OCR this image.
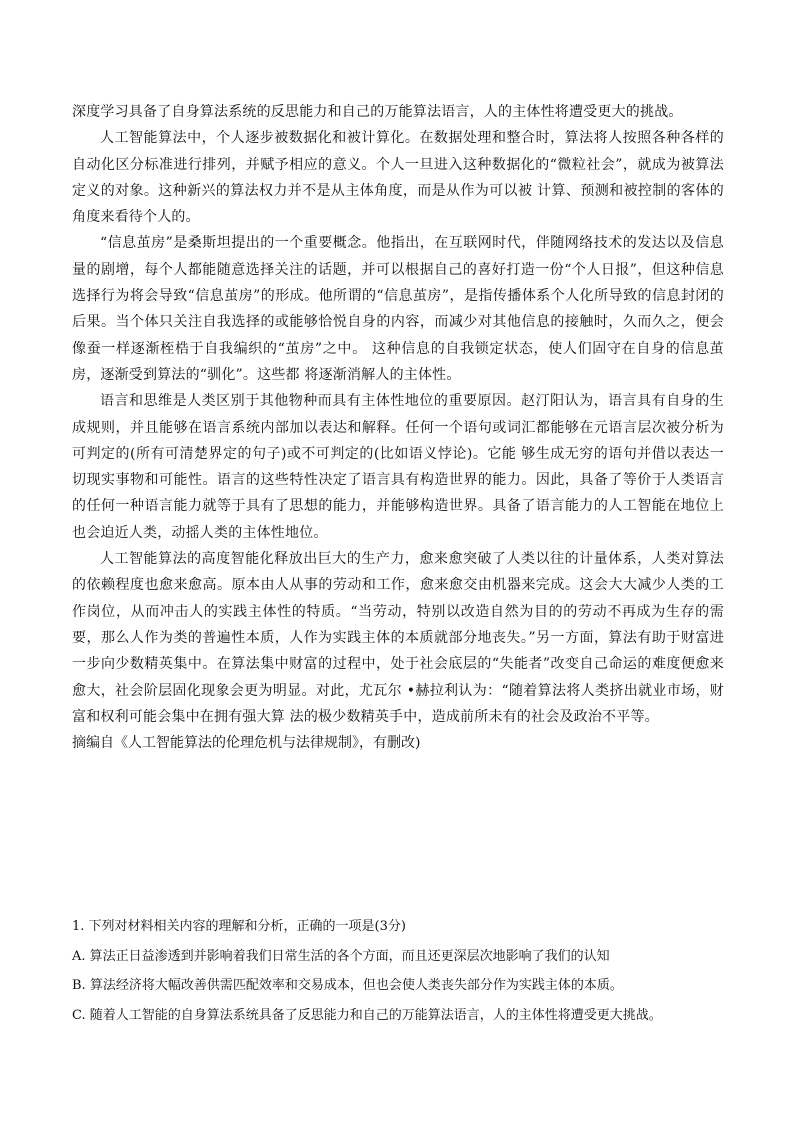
深度学习具备了自身算法系统的反思能力和自己的万能算法语言，人的主体性将遭受更大的挑战。

人工智能算法中，个人逐步被数据化和被计算化。在数据处理和整合时，算法将人按照各种各样的自动化区分标准进行排列，并赋予相应的意义。个人一旦进入这种数据化的“微粒社会”，就成为被算法定义的对象。这种新兴的算法权力并不是从主体角度，而是从作为可以被 计算、预测和被控制的客体的角度来看待个人的。

“信息茧房”是桑斯坦提出的一个重要概念。他指出，在互联网时代，伴随网络技术的发达以及信息量的剧增，每个人都能随意选择关注的话题，并可以根据自己的喜好打造一份“个人日报”，但这种信息选择行为将会导致“信息茧房”的形成。他所谓的“信息茧房”，是指传播体系个人化所导致的信息封闭的后果。当个体只关注自我选择的或能够恰悦自身的内容，而减少对其他信息的接触时，久而久之，便会像蚕一样逐渐桎梏于自我编织的“茧房”之中。 这种信息的自我锁定状态，使人们固守在自身的信息茧房，逐渐受到算法的“驯化”。这些都 将逐渐消解人的主体性。

语言和思维是人类区别于其他物种而具有主体性地位的重要原因。赵汀阳认为，语言具有自身的生成规则，并且能够在语言系统内部加以表达和解释。任何一个语句或词汇都能够在元语言层次被分析为可判定的(所有可清楚界定的句子)或不可判定的(比如语义悖论)。它能 够生成无穷的语句并借以表达一切现实事物和可能性。语言的这些特性决定了语言具有构造世界的能力。因此，具备了等价于人类语言的任何一种语言能力就等于具有了思想的能力，并能够构造世界。具备了语言能力的人工智能在地位上也会迫近人类，动摇人类的主体性地位。

人工智能算法的高度智能化释放出巨大的生产力，愈来愈突破了人类以往的计量体系，人类对算法的依赖程度也愈来愈高。原本由人从事的劳动和工作，愈来愈交由机器来完成。这会大大减少人类的工作岗位，从而冲击人的实践主体性的特质。“当劳动，特别以改造自然为目的的劳动不再成为生存的需要，那么人作为类的普遍性本质，人作为实践主体的本质就部分地丧失。”另一方面，算法有助于财富进一步向少数精英集中。在算法集中财富的过程中，处于社会底层的“失能者”改变自己命运的难度便愈来愈大，社会阶层固化现象会更为明显。对此，尤瓦尔 •赫拉利认为：“随着算法将人类挤出就业市场，财富和权利可能会集中在拥有强大算 法的极少数精英手中，造成前所未有的社会及政治不平等。

摘编自《人工智能算法的伦理危机与法律规制》，有删改)

1. 下列对材料相关内容的理解和分析，正确的一项是(3分)

A. 算法正日益渗透到并影响着我们日常生活的各个方面，而且还更深层次地影响了我们的认知

B. 算法经济将大幅改善供需匹配效率和交易成本，但也会使人类丧失部分作为实践主体的本质。

C. 随着人工智能的自身算法系统具备了反思能力和自己的万能算法语言，人的主体性将遭受更大挑战。
